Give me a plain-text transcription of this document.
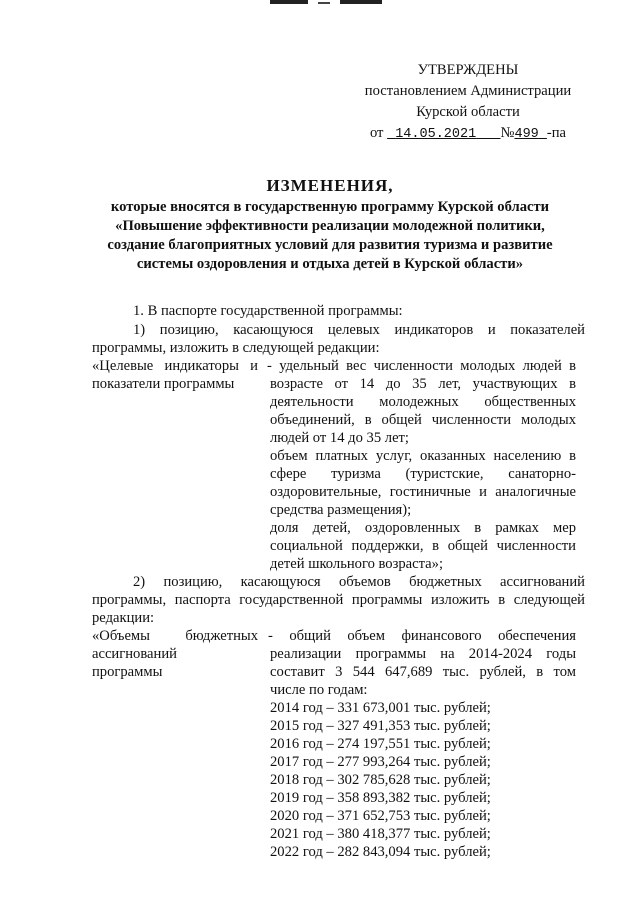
УТВЕРЖДЕНЫ
постановлением Администрации
Курской области
от 14.05.2021 №499 -па
ИЗМЕНЕНИЯ,
которые вносятся в государственную программу Курской области
«Повышение эффективности реализации молодежной политики,
создание благоприятных условий для развития туризма и развитие
системы оздоровления и отдыха детей в Курской области»
1. В паспорте государственной программы:
1) позицию, касающуюся целевых индикаторов и показателей
программы, изложить в следующей редакции:
«Целевые индикаторы и
показатели программы
- удельный вес численности молодых людей в
возрасте от 14 до 35 лет, участвующих в
деятельности молодежных общественных
объединений, в общей численности молодых
людей от 14 до 35 лет;
объем платных услуг, оказанных населению в
сфере туризма (туристские, санаторно-
оздоровительные, гостиничные и аналогичные
средства размещения);
доля детей, оздоровленных в рамках мер
социальной поддержки, в общей численности
детей школьного возраста»;
2) позицию, касающуюся объемов бюджетных ассигнований
программы, паспорта государственной программы изложить в следующей
редакции:
«Объемы бюджетных
ассигнований
программы
- общий объем финансового обеспечения
реализации программы на 2014-2024 годы
составит 3 544 647,689 тыс. рублей, в том
числе по годам:
2014 год – 331 673,001 тыс. рублей;
2015 год – 327 491,353 тыс. рублей;
2016 год – 274 197,551 тыс. рублей;
2017 год – 277 993,264 тыс. рублей;
2018 год – 302 785,628 тыс. рублей;
2019 год – 358 893,382 тыс. рублей;
2020 год – 371 652,753 тыс. рублей;
2021 год – 380 418,377 тыс. рублей;
2022 год – 282 843,094 тыс. рублей;
